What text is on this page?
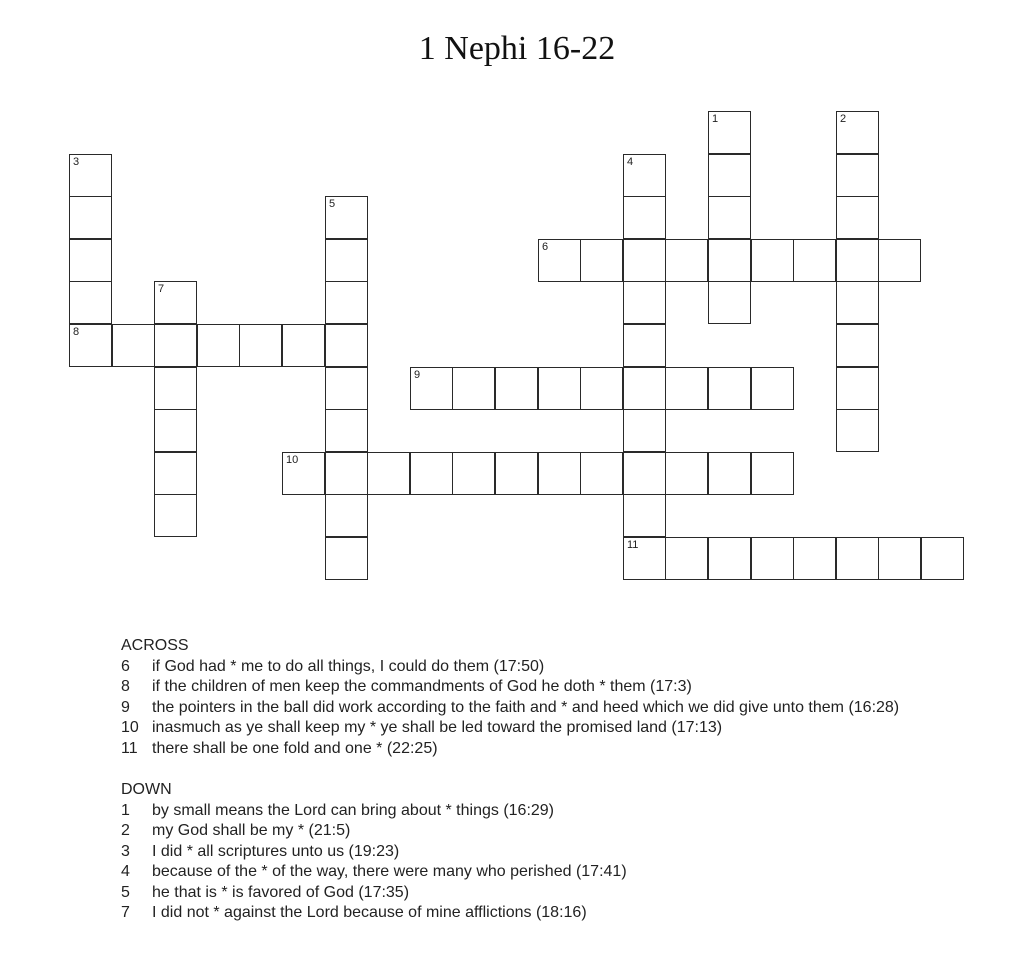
1 Nephi 16-22
1	2
3
8
4
5
6
7
9
10
11
ACROSS
6	if God had * me to do all things, I could do them (17:50)
8	if the children of men keep the commandments of God he doth * them (17:3)
9	the pointers in the ball did work according to the faith and * and heed which we did give unto them (16:28)
10 inasmuch as ye shall keep my * ye shall be led toward the promised land (17:13)
11 there shall be one fold and one * (22:25)
DOWN
1	by small means the Lord can bring about * things (16:29)
2	my God shall be my * (21:5)
3	I did * all scriptures unto us (19:23)
4	because of the * of the way, there were many who perished (17:41)
5	he that is * is favored of God (17:35)
7	I did not * against the Lord because of mine afflictions (18:16)
